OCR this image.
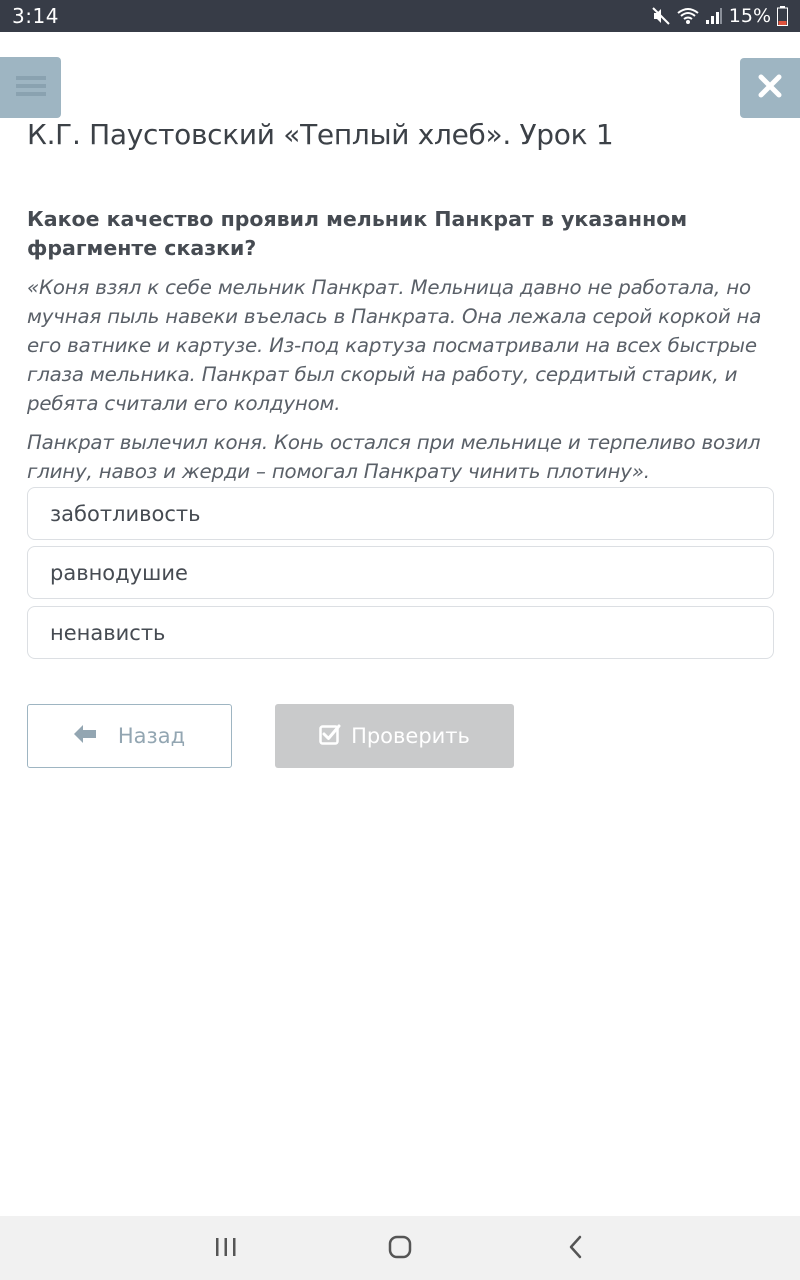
3:14	15%
К.Г. Паустовский «Теплый хлеб». Урок 1
Какое качество проявил мельник Панкрат в указанном фрагменте сказки?

«Коня взял к себе мельник Панкрат. Мельница давно не работала, но мучная пыль навеки въелась в Панкрата. Она лежала серой коркой на его ватнике и картузе. Из-под картуза посматривали на всех быстрые глаза мельника. Панкрат был скорый на работу, сердитый старик, и ребята считали его колдуном.

Панкрат вылечил коня. Конь остался при мельнице и терпеливо возил глину, навоз и жерди – помогал Панкрату чинить плотину».

заботливость
равнодушие
ненависть
Назад	Проверить
